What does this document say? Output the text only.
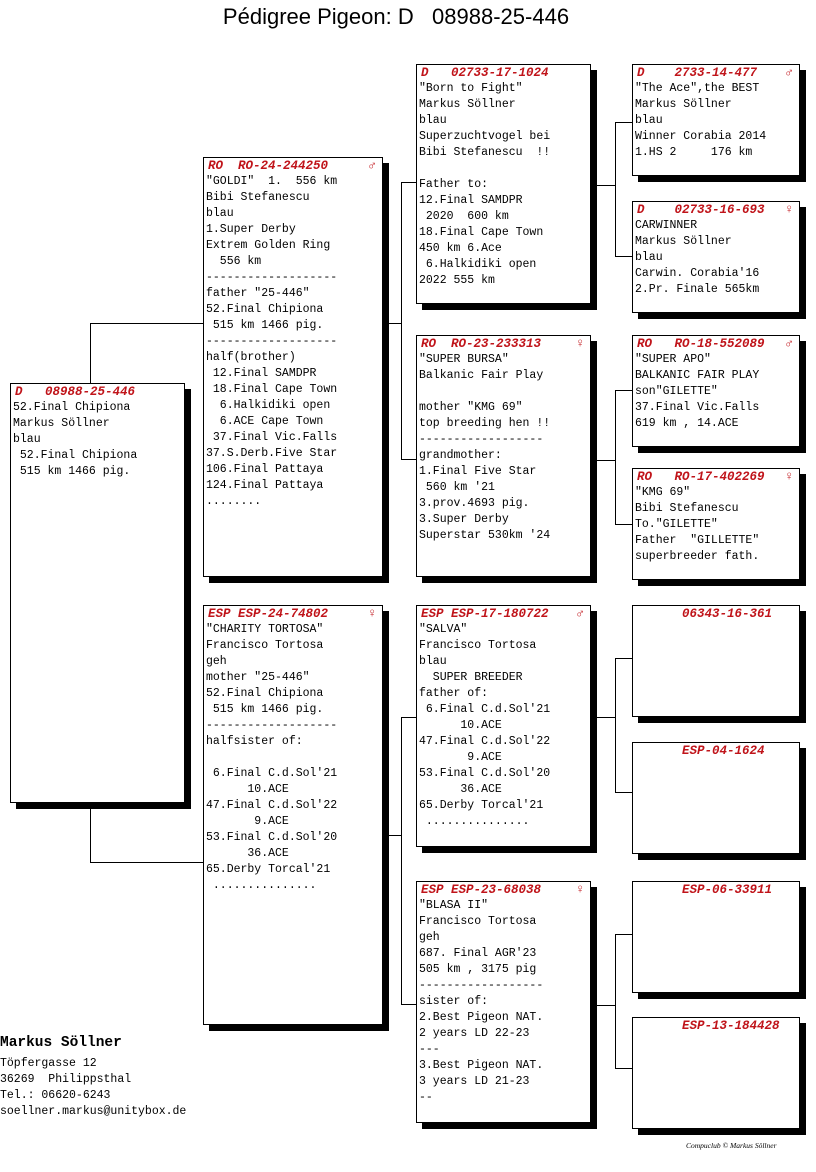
Pédigree Pigeon: D   08988-25-446
D   08988-25-446
52.Final Chipiona
Markus Söllner
blau
52.Final Chipiona
515 km 1466 pig.
RO  RO-24-244250	♂
"GOLDI"  1.  556 km
Bibi Stefanescu
blau
1.Super Derby
Extrem Golden Ring
556 km
-------------------
father "25-446"
52.Final Chipiona
515 km 1466 pig.
-------------------
half(brother)
12.Final SAMDPR
18.Final Cape Town
6.Halkidiki open
6.ACE Cape Town
37.Final Vic.Falls
37.S.Derb.Five Star
106.Final Pattaya
124.Final Pattaya
........
ESP ESP-24-74802	♀
"CHARITY TORTOSA"
Francisco Tortosa
geh
mother "25-446"
52.Final Chipiona
515 km 1466 pig.
-------------------
halfsister of:

6.Final C.d.Sol'21
10.ACE
47.Final C.d.Sol'22
9.ACE
53.Final C.d.Sol'20
36.ACE
65.Derby Torcal'21
...............
D   02733-17-1024
"Born to Fight"
Markus Söllner
blau
Superzuchtvogel bei
Bibi Stefanescu  !!

Father to:
12.Final SAMDPR
2020  600 km
18.Final Cape Town
450 km 6.Ace
6.Halkidiki open
2022 555 km
RO  RO-23-233313	♀
"SUPER BURSA"
Balkanic Fair Play

mother "KMG 69"
top breeding hen !!
------------------
grandmother:
1.Final Five Star
560 km '21
3.prov.4693 pig.
3.Super Derby
Superstar 530km '24
ESP ESP-17-180722 ♂
"SALVA"
Francisco Tortosa
blau
SUPER BREEDER
father of:
6.Final C.d.Sol'21
10.ACE
47.Final C.d.Sol'22
9.ACE
53.Final C.d.Sol'20
36.ACE
65.Derby Torcal'21
...............
ESP ESP-23-68038	♀
"BLASA II"
Francisco Tortosa
geh
687. Final AGR'23
505 km , 3175 pig
------------------
sister of:
2.Best Pigeon NAT.
2 years LD 22-23
---
3.Best Pigeon NAT.
3 years LD 21-23
--
D    2733-14-477 ♂
"The Ace",the BEST
Markus Söllner
blau
Winner Corabia 2014
1.HS 2     176 km
D    02733-16-693 ♀
CARWINNER
Markus Söllner
blau
Carwin. Corabia'16
2.Pr. Finale 565km
RO   RO-18-552089 ♂
"SUPER APO"
BALKANIC FAIR PLAY
son"GILETTE"
37.Final Vic.Falls
619 km , 14.ACE
RO   RO-17-402269 ♀
"KMG 69"
Bibi Stefanescu
To."GILETTE"
Father  "GILLETTE"
superbreeder fath.
06343-16-361
ESP-04-1624
ESP-06-33911
ESP-13-184428
Markus Söllner
Töpfergasse 12
36269  Philippsthal
Tel.: 06620-6243
soellner.markus@unitybox.de
Compuclub © Markus Söllner
